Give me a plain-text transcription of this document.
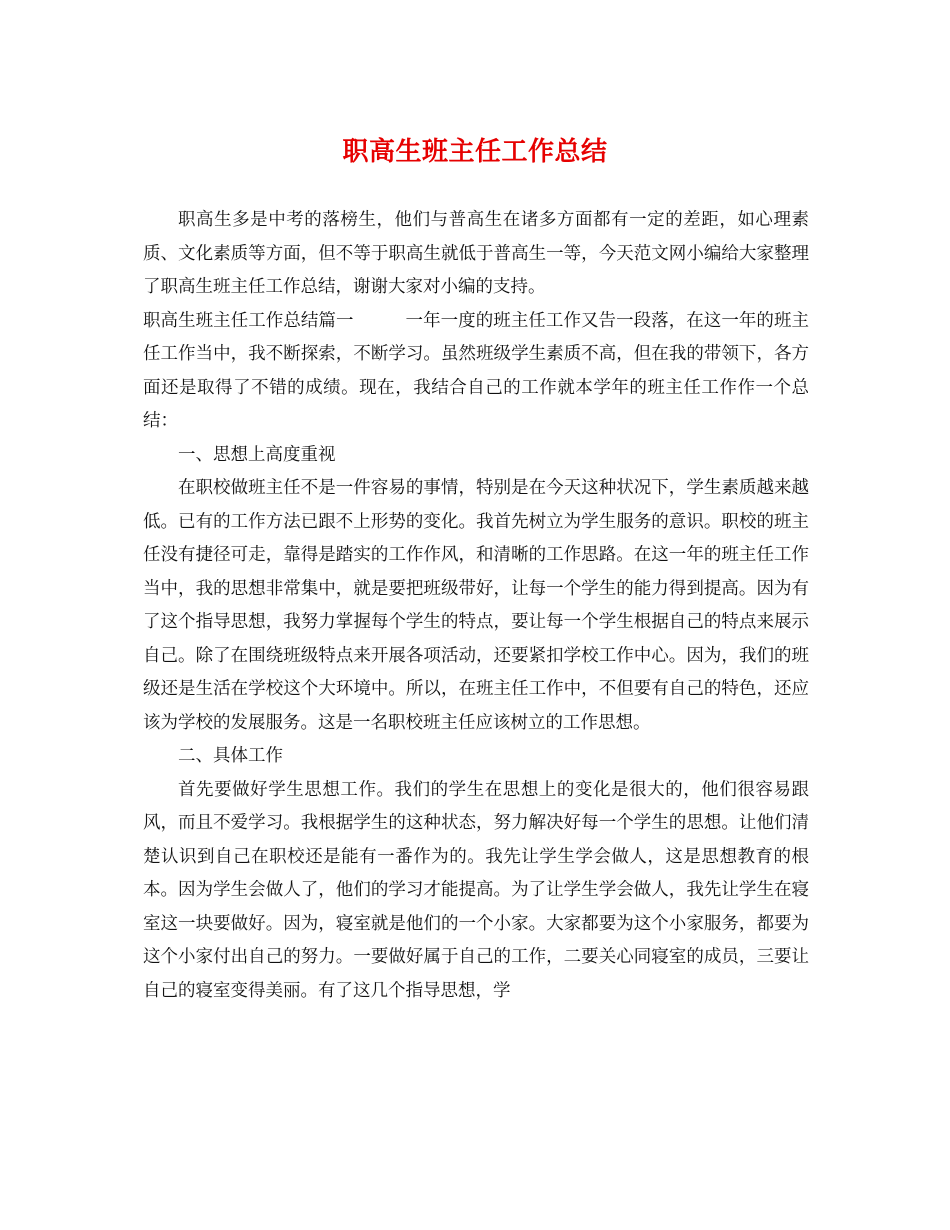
职高生班主任工作总结

职高生多是中考的落榜生，他们与普高生在诸多方面都有一定的差距，如心理素质、文化素质等方面，但不等于职高生就低于普高生一等，今天范文网小编给大家整理了职高生班主任工作总结，谢谢大家对小编的支持。

职高生班主任工作总结篇一	一年一度的班主任工作又告一段落，在这一年的班主任工作当中，我不断探索，不断学习。虽然班级学生素质不高，但在我的带领下，各方面还是取得了不错的成绩。现在，我结合自己的工作就本学年的班主任工作作一个总结：

一、思想上高度重视

在职校做班主任不是一件容易的事情，特别是在今天这种状况下，学生素质越来越低。已有的工作方法已跟不上形势的变化。我首先树立为学生服务的意识。职校的班主任没有捷径可走，靠得是踏实的工作作风，和清晰的工作思路。在这一年的班主任工作当中，我的思想非常集中，就是要把班级带好，让每一个学生的能力得到提高。因为有了这个指导思想，我努力掌握每个学生的特点，要让每一个学生根据自己的特点来展示自己。除了在围绕班级特点来开展各项活动，还要紧扣学校工作中心。因为，我们的班级还是生活在学校这个大环境中。所以，在班主任工作中，不但要有自己的特色，还应该为学校的发展服务。这是一名职校班主任应该树立的工作思想。

二、具体工作

首先要做好学生思想工作。我们的学生在思想上的变化是很大的，他们很容易跟风，而且不爱学习。我根据学生的这种状态，努力解决好每一个学生的思想。让他们清楚认识到自己在职校还是能有一番作为的。我先让学生学会做人，这是思想教育的根本。因为学生会做人了，他们的学习才能提高。为了让学生学会做人，我先让学生在寝室这一块要做好。因为，寝室就是他们的一个小家。大家都要为这个小家服务，都要为这个小家付出自己的努力。一要做好属于自己的工作，二要关心同寝室的成员，三要让自己的寝室变得美丽。有了这几个指导思想，学
